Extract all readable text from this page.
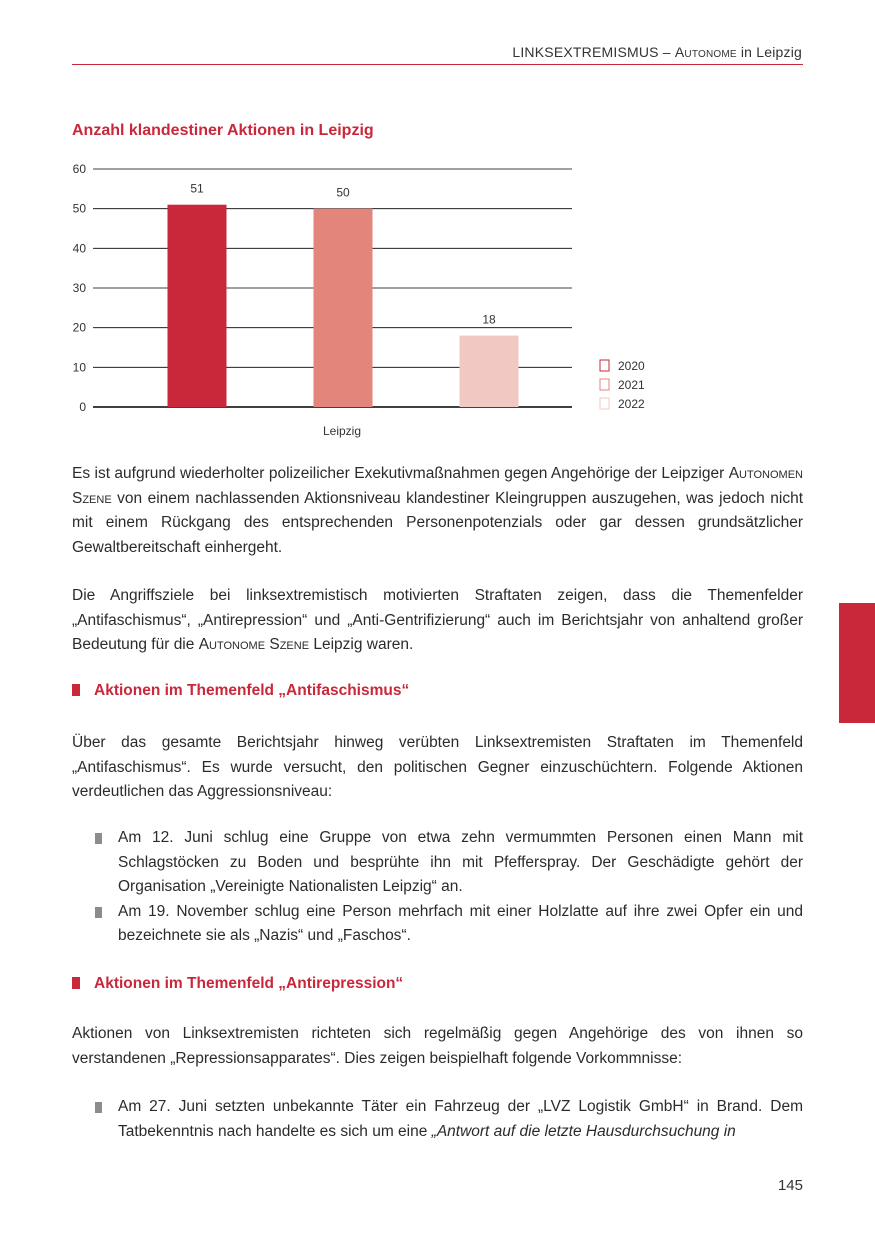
LINKSEXTREMISMUS – Autonome in Leipzig
Anzahl klandestiner Aktionen in Leipzig
0
10
20
30
40
50
60
51	50
18
Leipzig
2020
2021
2022
Es ist aufgrund wiederholter polizeilicher Exekutivmaßnahmen gegen Angehörige der Leipziger Autonomen Szene von einem nachlassenden Aktionsniveau klandestiner Kleingruppen auszugehen, was jedoch nicht mit einem Rückgang des entsprechenden Personenpotenzials oder gar dessen grundsätzlicher Gewaltbereitschaft einhergeht.
Die Angriffsziele bei linksextremistisch motivierten Straftaten zeigen, dass die Themenfelder „Antifaschismus“, „Antirepression“ und „Anti-Gentrifizierung“ auch im Berichtsjahr von anhaltend großer Bedeutung für die Autonome Szene Leipzig waren.
Aktionen im Themenfeld „Antifaschismus“
Über das gesamte Berichtsjahr hinweg verübten Linksextremisten Straftaten im Themenfeld „Antifaschismus“. Es wurde versucht, den politischen Gegner einzuschüchtern. Folgende Aktionen verdeutlichen das Aggressionsniveau:
Am 12. Juni schlug eine Gruppe von etwa zehn vermummten Personen einen Mann mit Schlagstöcken zu Boden und besprühte ihn mit Pfefferspray. Der Geschädigte gehört der Organisation „Vereinigte Nationalisten Leipzig“ an.
Am 19. November schlug eine Person mehrfach mit einer Holzlatte auf ihre zwei Opfer ein und bezeichnete sie als „Nazis“ und „Faschos“.
Aktionen im Themenfeld „Antirepression“
Aktionen von Linksextremisten richteten sich regelmäßig gegen Angehörige des von ihnen so verstandenen „Repressionsapparates“. Dies zeigen beispielhaft folgende Vorkommnisse:
Am 27. Juni setzten unbekannte Täter ein Fahrzeug der „LVZ Logistik GmbH“ in Brand. Dem Tatbekenntnis nach handelte es sich um eine „Antwort auf die letzte Hausdurchsuchung in
145
